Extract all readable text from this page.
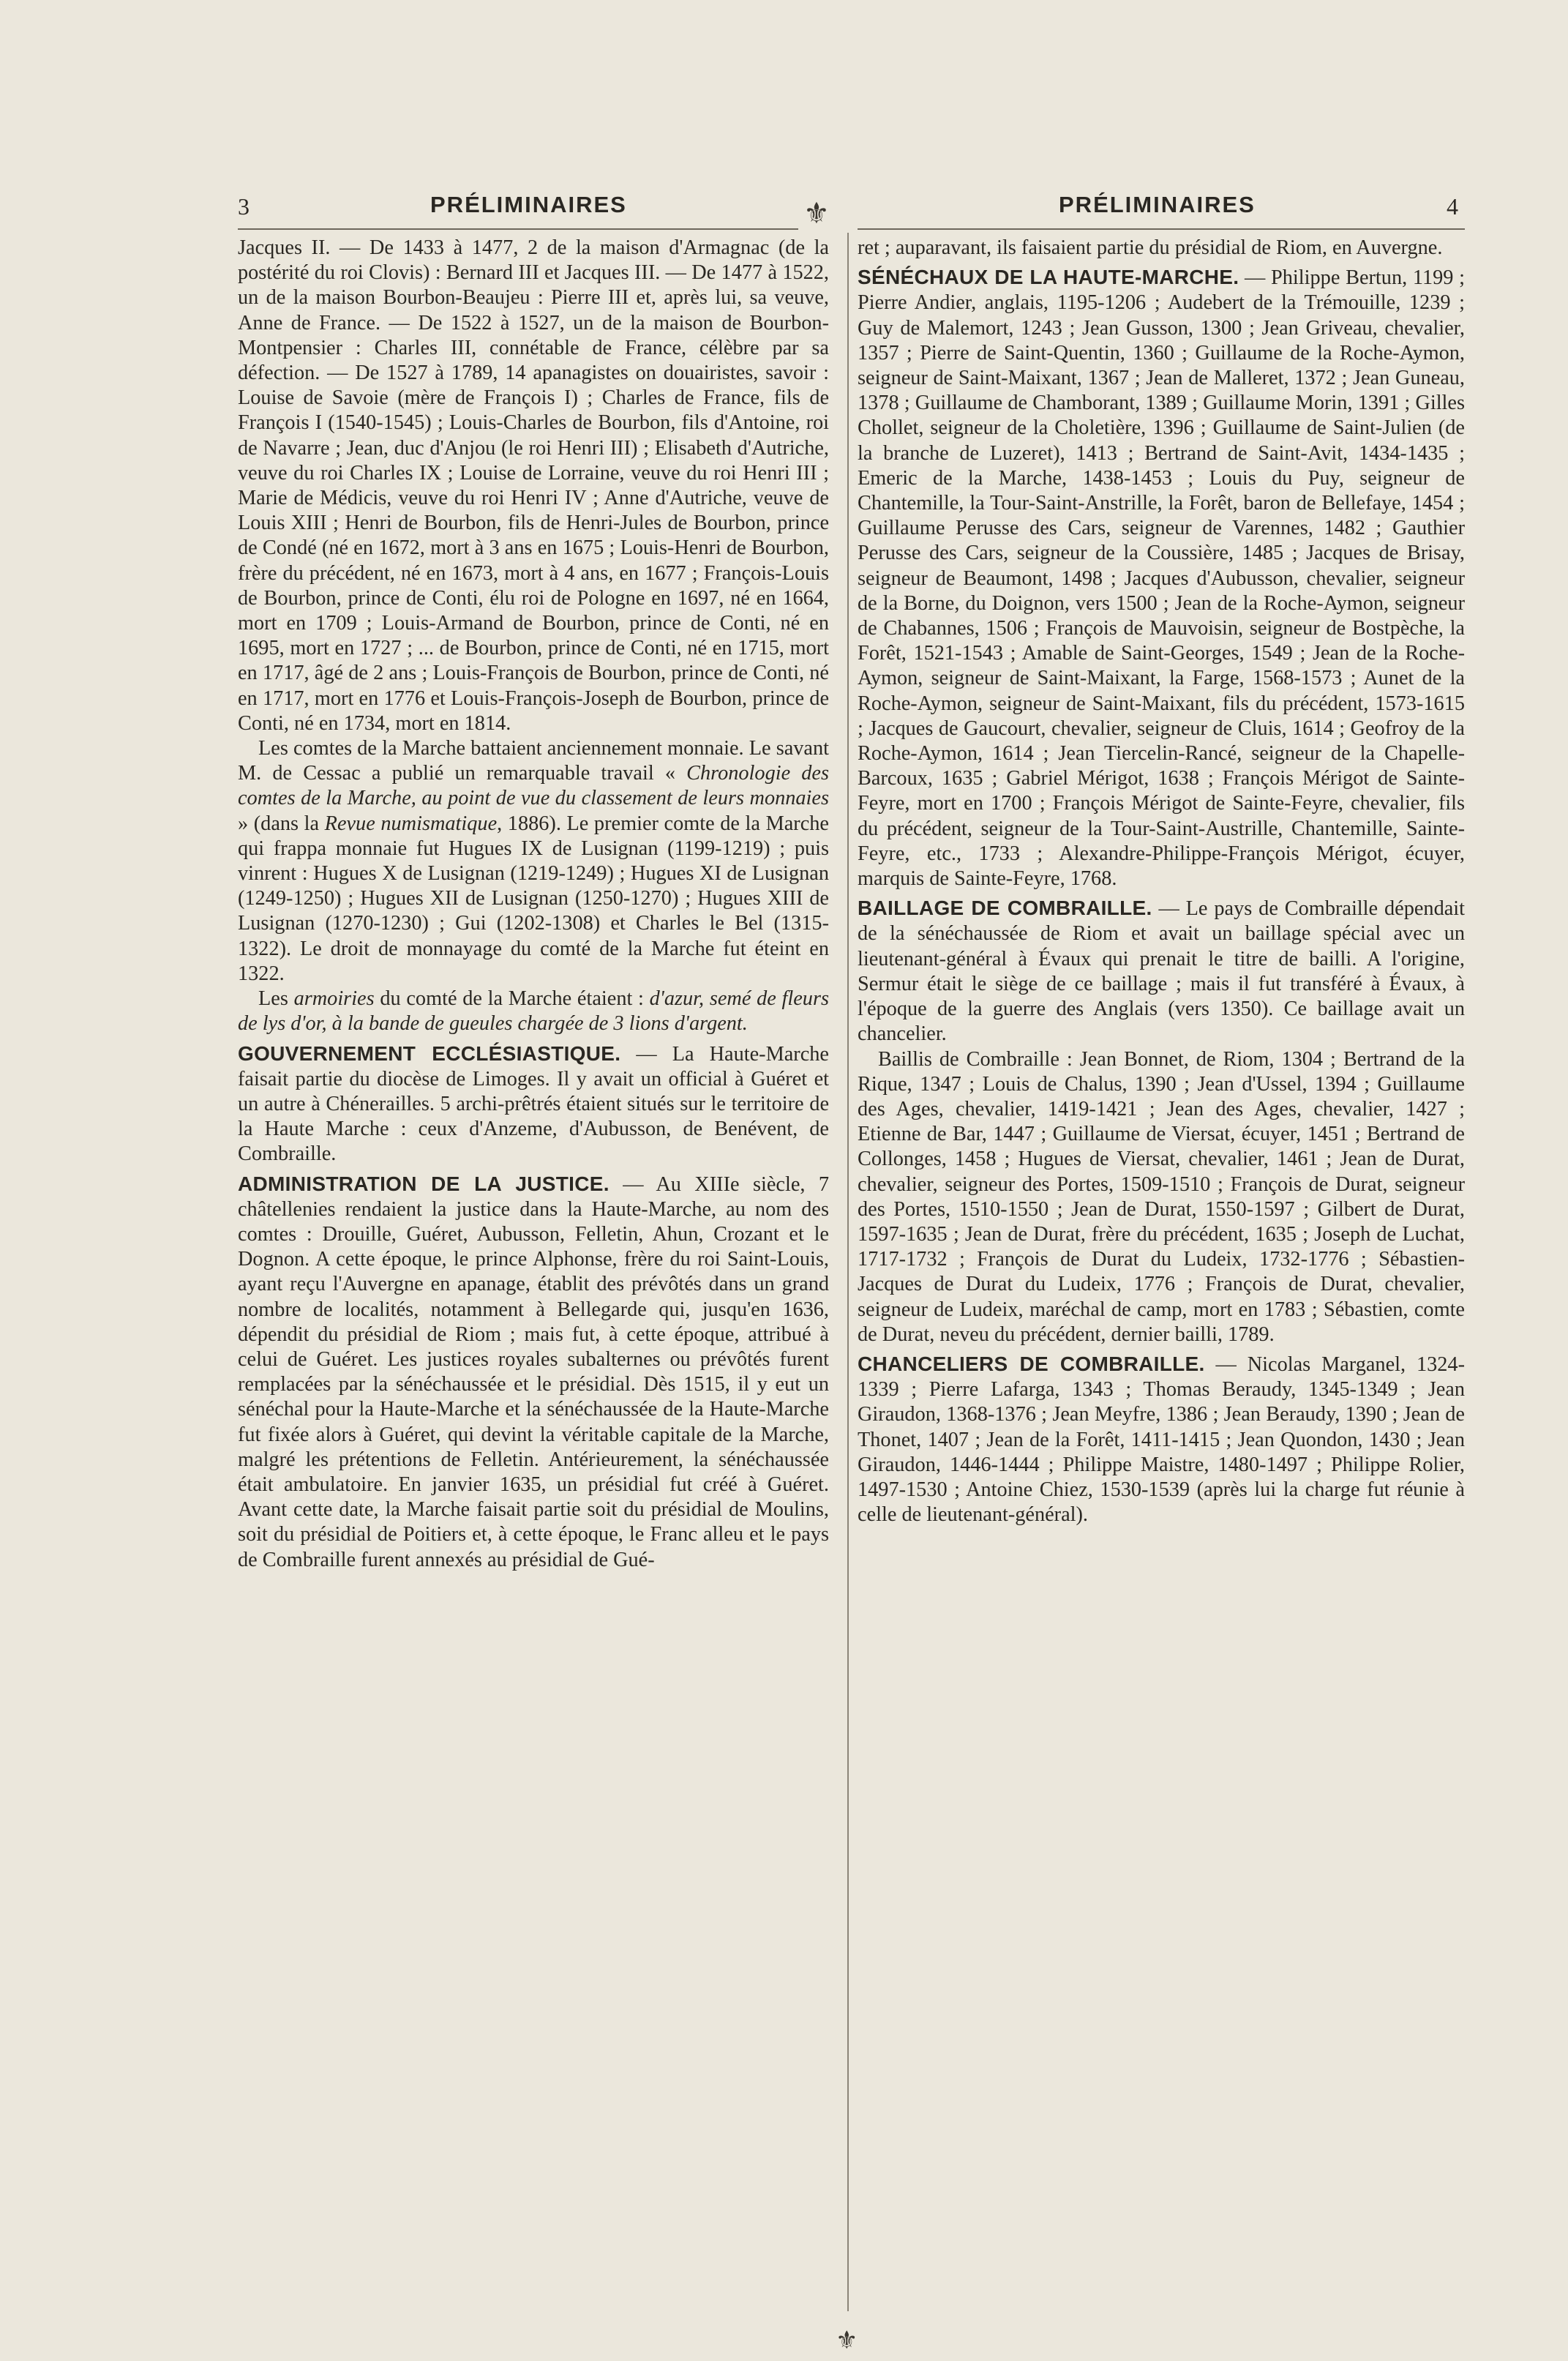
3	PRÉLIMINAIRES	⚜	PRÉLIMINAIRES	4
⚜

Jacques II. — De 1433 à 1477, 2 de la maison d'Armagnac (de la postérité du roi Clovis) : Bernard III et Jacques III. — De 1477 à 1522, un de la maison Bourbon-Beaujeu : Pierre III et, après lui, sa veuve, Anne de France. — De 1522 à 1527, un de la maison de Bourbon-Montpensier : Charles III, connétable de France, célèbre par sa défection. — De 1527 à 1789, 14 apanagistes on douairistes, savoir : Louise de Savoie (mère de François I) ; Charles de France, fils de François I (1540-1545) ; Louis-Charles de Bourbon, fils d'Antoine, roi de Navarre ; Jean, duc d'Anjou (le roi Henri III) ; Elisabeth d'Autriche, veuve du roi Charles IX ; Louise de Lorraine, veuve du roi Henri III ; Marie de Médicis, veuve du roi Henri IV ; Anne d'Autriche, veuve de Louis XIII ; Henri de Bourbon, fils de Henri-Jules de Bourbon, prince de Condé (né en 1672, mort à 3 ans en 1675 ; Louis-Henri de Bourbon, frère du précédent, né en 1673, mort à 4 ans, en 1677 ; François-Louis de Bourbon, prince de Conti, élu roi de Pologne en 1697, né en 1664, mort en 1709 ; Louis-Armand de Bourbon, prince de Conti, né en 1695, mort en 1727 ; ... de Bourbon, prince de Conti, né en 1715, mort en 1717, âgé de 2 ans ; Louis-François de Bourbon, prince de Conti, né en 1717, mort en 1776 et Louis-François-Joseph de Bourbon, prince de Conti, né en 1734, mort en 1814.

Les comtes de la Marche battaient anciennement monnaie. Le savant M. de Cessac a publié un remarquable travail « Chronologie des comtes de la Marche, au point de vue du classement de leurs monnaies » (dans la Revue numismatique, 1886). Le premier comte de la Marche qui frappa monnaie fut Hugues IX de Lusignan (1199-1219) ; puis vinrent : Hugues X de Lusignan (1219-1249) ; Hugues XI de Lusignan (1249-1250) ; Hugues XII de Lusignan (1250-1270) ; Hugues XIII de Lusignan (1270-1230) ; Gui (1202-1308) et Charles le Bel (1315-1322). Le droit de monnayage du comté de la Marche fut éteint en 1322.

Les armoiries du comté de la Marche étaient : d'azur, semé de fleurs de lys d'or, à la bande de gueules chargée de 3 lions d'argent.

GOUVERNEMENT ECCLÉSIASTIQUE. — La Haute-Marche faisait partie du diocèse de Limoges. Il y avait un official à Guéret et un autre à Chénerailles. 5 archi-prêtrés étaient situés sur le territoire de la Haute Marche : ceux d'Anzeme, d'Aubusson, de Benévent, de Combraille.

ADMINISTRATION DE LA JUSTICE. — Au XIIIe siècle, 7 châtellenies rendaient la justice dans la Haute-Marche, au nom des comtes : Drouille, Guéret, Aubusson, Felletin, Ahun, Crozant et le Dognon. A cette époque, le prince Alphonse, frère du roi Saint-Louis, ayant reçu l'Auvergne en apanage, établit des prévôtés dans un grand nombre de localités, notamment à Bellegarde qui, jusqu'en 1636, dépendit du présidial de Riom ; mais fut, à cette époque, attribué à celui de Guéret. Les justices royales subalternes ou prévôtés furent remplacées par la sénéchaussée et le présidial. Dès 1515, il y eut un sénéchal pour la Haute-Marche et la sénéchaussée de la Haute-Marche fut fixée alors à Guéret, qui devint la véritable capitale de la Marche, malgré les prétentions de Felletin. Antérieurement, la sénéchaussée était ambulatoire. En janvier 1635, un présidial fut créé à Guéret. Avant cette date, la Marche faisait partie soit du présidial de Moulins, soit du présidial de Poitiers et, à cette époque, le Franc alleu et le pays de Combraille furent annexés au présidial de Gué-

ret ; auparavant, ils faisaient partie du présidial de Riom, en Auvergne.

SÉNÉCHAUX DE LA HAUTE-MARCHE. — Philippe Bertun, 1199 ; Pierre Andier, anglais, 1195-1206 ; Audebert de la Trémouille, 1239 ; Guy de Malemort, 1243 ; Jean Gusson, 1300 ; Jean Griveau, chevalier, 1357 ; Pierre de Saint-Quentin, 1360 ; Guillaume de la Roche-Aymon, seigneur de Saint-Maixant, 1367 ; Jean de Malleret, 1372 ; Jean Guneau, 1378 ; Guillaume de Chamborant, 1389 ; Guillaume Morin, 1391 ; Gilles Chollet, seigneur de la Choletière, 1396 ; Guillaume de Saint-Julien (de la branche de Luzeret), 1413 ; Bertrand de Saint-Avit, 1434-1435 ; Emeric de la Marche, 1438-1453 ; Louis du Puy, seigneur de Chantemille, la Tour-Saint-Anstrille, la Forêt, baron de Bellefaye, 1454 ; Guillaume Perusse des Cars, seigneur de Varennes, 1482 ; Gauthier Perusse des Cars, seigneur de la Coussière, 1485 ; Jacques de Brisay, seigneur de Beaumont, 1498 ; Jacques d'Aubusson, chevalier, seigneur de la Borne, du Doignon, vers 1500 ; Jean de la Roche-Aymon, seigneur de Chabannes, 1506 ; François de Mauvoisin, seigneur de Bostpèche, la Forêt, 1521-1543 ; Amable de Saint-Georges, 1549 ; Jean de la Roche-Aymon, seigneur de Saint-Maixant, la Farge, 1568-1573 ; Aunet de la Roche-Aymon, seigneur de Saint-Maixant, fils du précédent, 1573-1615 ; Jacques de Gaucourt, chevalier, seigneur de Cluis, 1614 ; Geofroy de la Roche-Aymon, 1614 ; Jean Tiercelin-Rancé, seigneur de la Chapelle-Barcoux, 1635 ; Gabriel Mérigot, 1638 ; François Mérigot de Sainte-Feyre, mort en 1700 ; François Mérigot de Sainte-Feyre, chevalier, fils du précédent, seigneur de la Tour-Saint-Austrille, Chantemille, Sainte-Feyre, etc., 1733 ; Alexandre-Philippe-François Mérigot, écuyer, marquis de Sainte-Feyre, 1768.

BAILLAGE DE COMBRAILLE. — Le pays de Combraille dépendait de la sénéchaussée de Riom et avait un baillage spécial avec un lieutenant-général à Évaux qui prenait le titre de bailli. A l'origine, Sermur était le siège de ce baillage ; mais il fut transféré à Évaux, à l'époque de la guerre des Anglais (vers 1350). Ce baillage avait un chancelier.

Baillis de Combraille : Jean Bonnet, de Riom, 1304 ; Bertrand de la Rique, 1347 ; Louis de Chalus, 1390 ; Jean d'Ussel, 1394 ; Guillaume des Ages, chevalier, 1419-1421 ; Jean des Ages, chevalier, 1427 ; Etienne de Bar, 1447 ; Guillaume de Viersat, écuyer, 1451 ; Bertrand de Collonges, 1458 ; Hugues de Viersat, chevalier, 1461 ; Jean de Durat, chevalier, seigneur des Portes, 1509-1510 ; François de Durat, seigneur des Portes, 1510-1550 ; Jean de Durat, 1550-1597 ; Gilbert de Durat, 1597-1635 ; Jean de Durat, frère du précédent, 1635 ; Joseph de Luchat, 1717-1732 ; François de Durat du Ludeix, 1732-1776 ; Sébastien-Jacques de Durat du Ludeix, 1776 ; François de Durat, chevalier, seigneur de Ludeix, maréchal de camp, mort en 1783 ; Sébastien, comte de Durat, neveu du précédent, dernier bailli, 1789.

CHANCELIERS DE COMBRAILLE. — Nicolas Marganel, 1324-1339 ; Pierre Lafarga, 1343 ; Thomas Beraudy, 1345-1349 ; Jean Giraudon, 1368-1376 ; Jean Meyfre, 1386 ; Jean Beraudy, 1390 ; Jean de Thonet, 1407 ; Jean de la Forêt, 1411-1415 ; Jean Quondon, 1430 ; Jean Giraudon, 1446-1444 ; Philippe Maistre, 1480-1497 ; Philippe Rolier, 1497-1530 ; Antoine Chiez, 1530-1539 (après lui la charge fut réunie à celle de lieutenant-général).
